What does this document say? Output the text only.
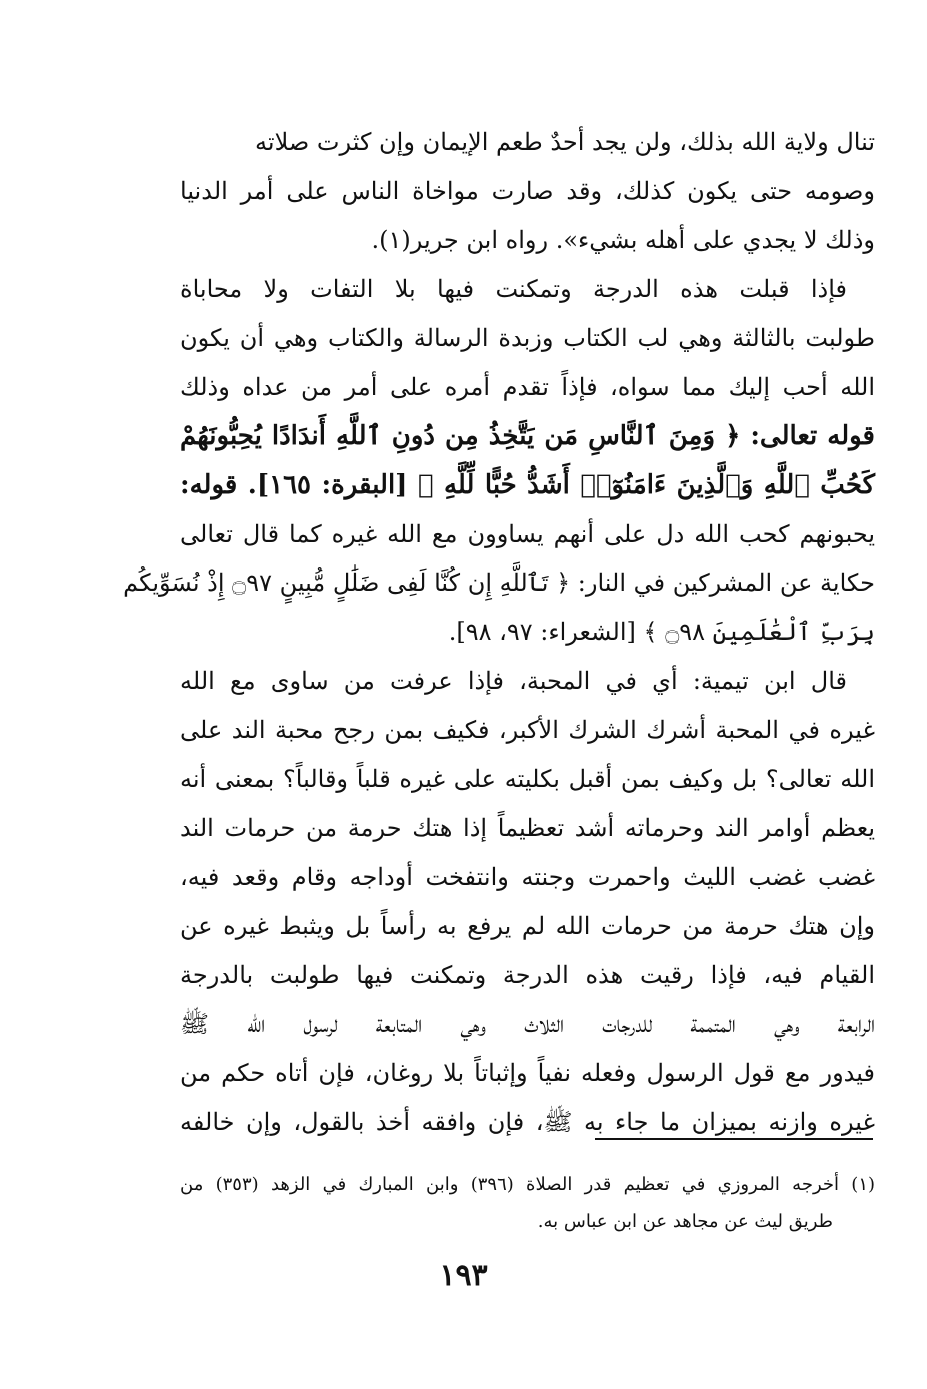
تنال ولاية الله بذلك، ولن يجد أحدٌ طعم الإيمان وإن كثرت صلاته
وصومه حتى يكون كذلك، وقد صارت مواخاة الناس على أمر الدنيا
وذلك لا يجدي على أهله بشيء». رواه ابن جرير(١).
فإذا قبلت هذه الدرجة وتمكنت فيها بلا التفات ولا محاباة
طولبت بالثالثة وهي لب الكتاب وزبدة الرسالة والكتاب وهي أن يكون
الله أحب إليك مما سواه، فإذاً تقدم أمره على أمر من عداه وذلك
قوله تعالى: ﴿ وَمِنَ ٱلنَّاسِ مَن يَتَّخِذُ مِن دُونِ ٱللَّهِ أَندَادًا يُحِبُّونَهُمْ
كَحُبِّ ٱللَّهِ وَٱلَّذِينَ ءَامَنُوٓا۟ أَشَدُّ حُبًّا لِّلَّهِ ﴾ [البقرة: ١٦٥]. قوله:
يحبونهم كحب الله دل على أنهم يساوون مع الله غيره كما قال تعالى
حكاية عن المشركين في النار: ﴿ تَٱللَّهِ إِن كُنَّا لَفِى ضَلَٰلٍ مُّبِينٍ ۝٩٧ إِذْ نُسَوِّيكُم
بِرَبِّ ٱلْعَٰلَمِينَ ۝٩٨ ﴾ [الشعراء: ٩٧، ٩٨].
قال ابن تيمية: أي في المحبة، فإذا عرفت من ساوى مع الله
غيره في المحبة أشرك الشرك الأكبر، فكيف بمن رجح محبة الند على
الله تعالى؟ بل وكيف بمن أقبل بكليته على غيره قلباً وقالباً؟ بمعنى أنه
يعظم أوامر الند وحرماته أشد تعظيماً إذا هتك حرمة من حرمات الند
غضب غضب الليث واحمرت وجنته وانتفخت أوداجه وقام وقعد فيه،
وإن هتك حرمة من حرمات الله لم يرفع به رأساً بل ويثبط غيره عن
القيام فيه، فإذا رقيت هذه الدرجة وتمكنت فيها طولبت بالدرجة
الرابعة وهي المتممة للدرجات الثلاث وهي المتابعة لرسول الله ﷺ
فيدور مع قول الرسول وفعله نفياً وإثباتاً بلا روغان، فإن أتاه حكم من
غيره وازنه بميزان ما جاء به ﷺ، فإن وافقه أخذ بالقول، وإن خالفه
(١) أخرجه المروزي في تعظيم قدر الصلاة (٣٩٦) وابن المبارك في الزهد (٣٥٣) من
طريق ليث عن مجاهد عن ابن عباس به.
١٩٣
